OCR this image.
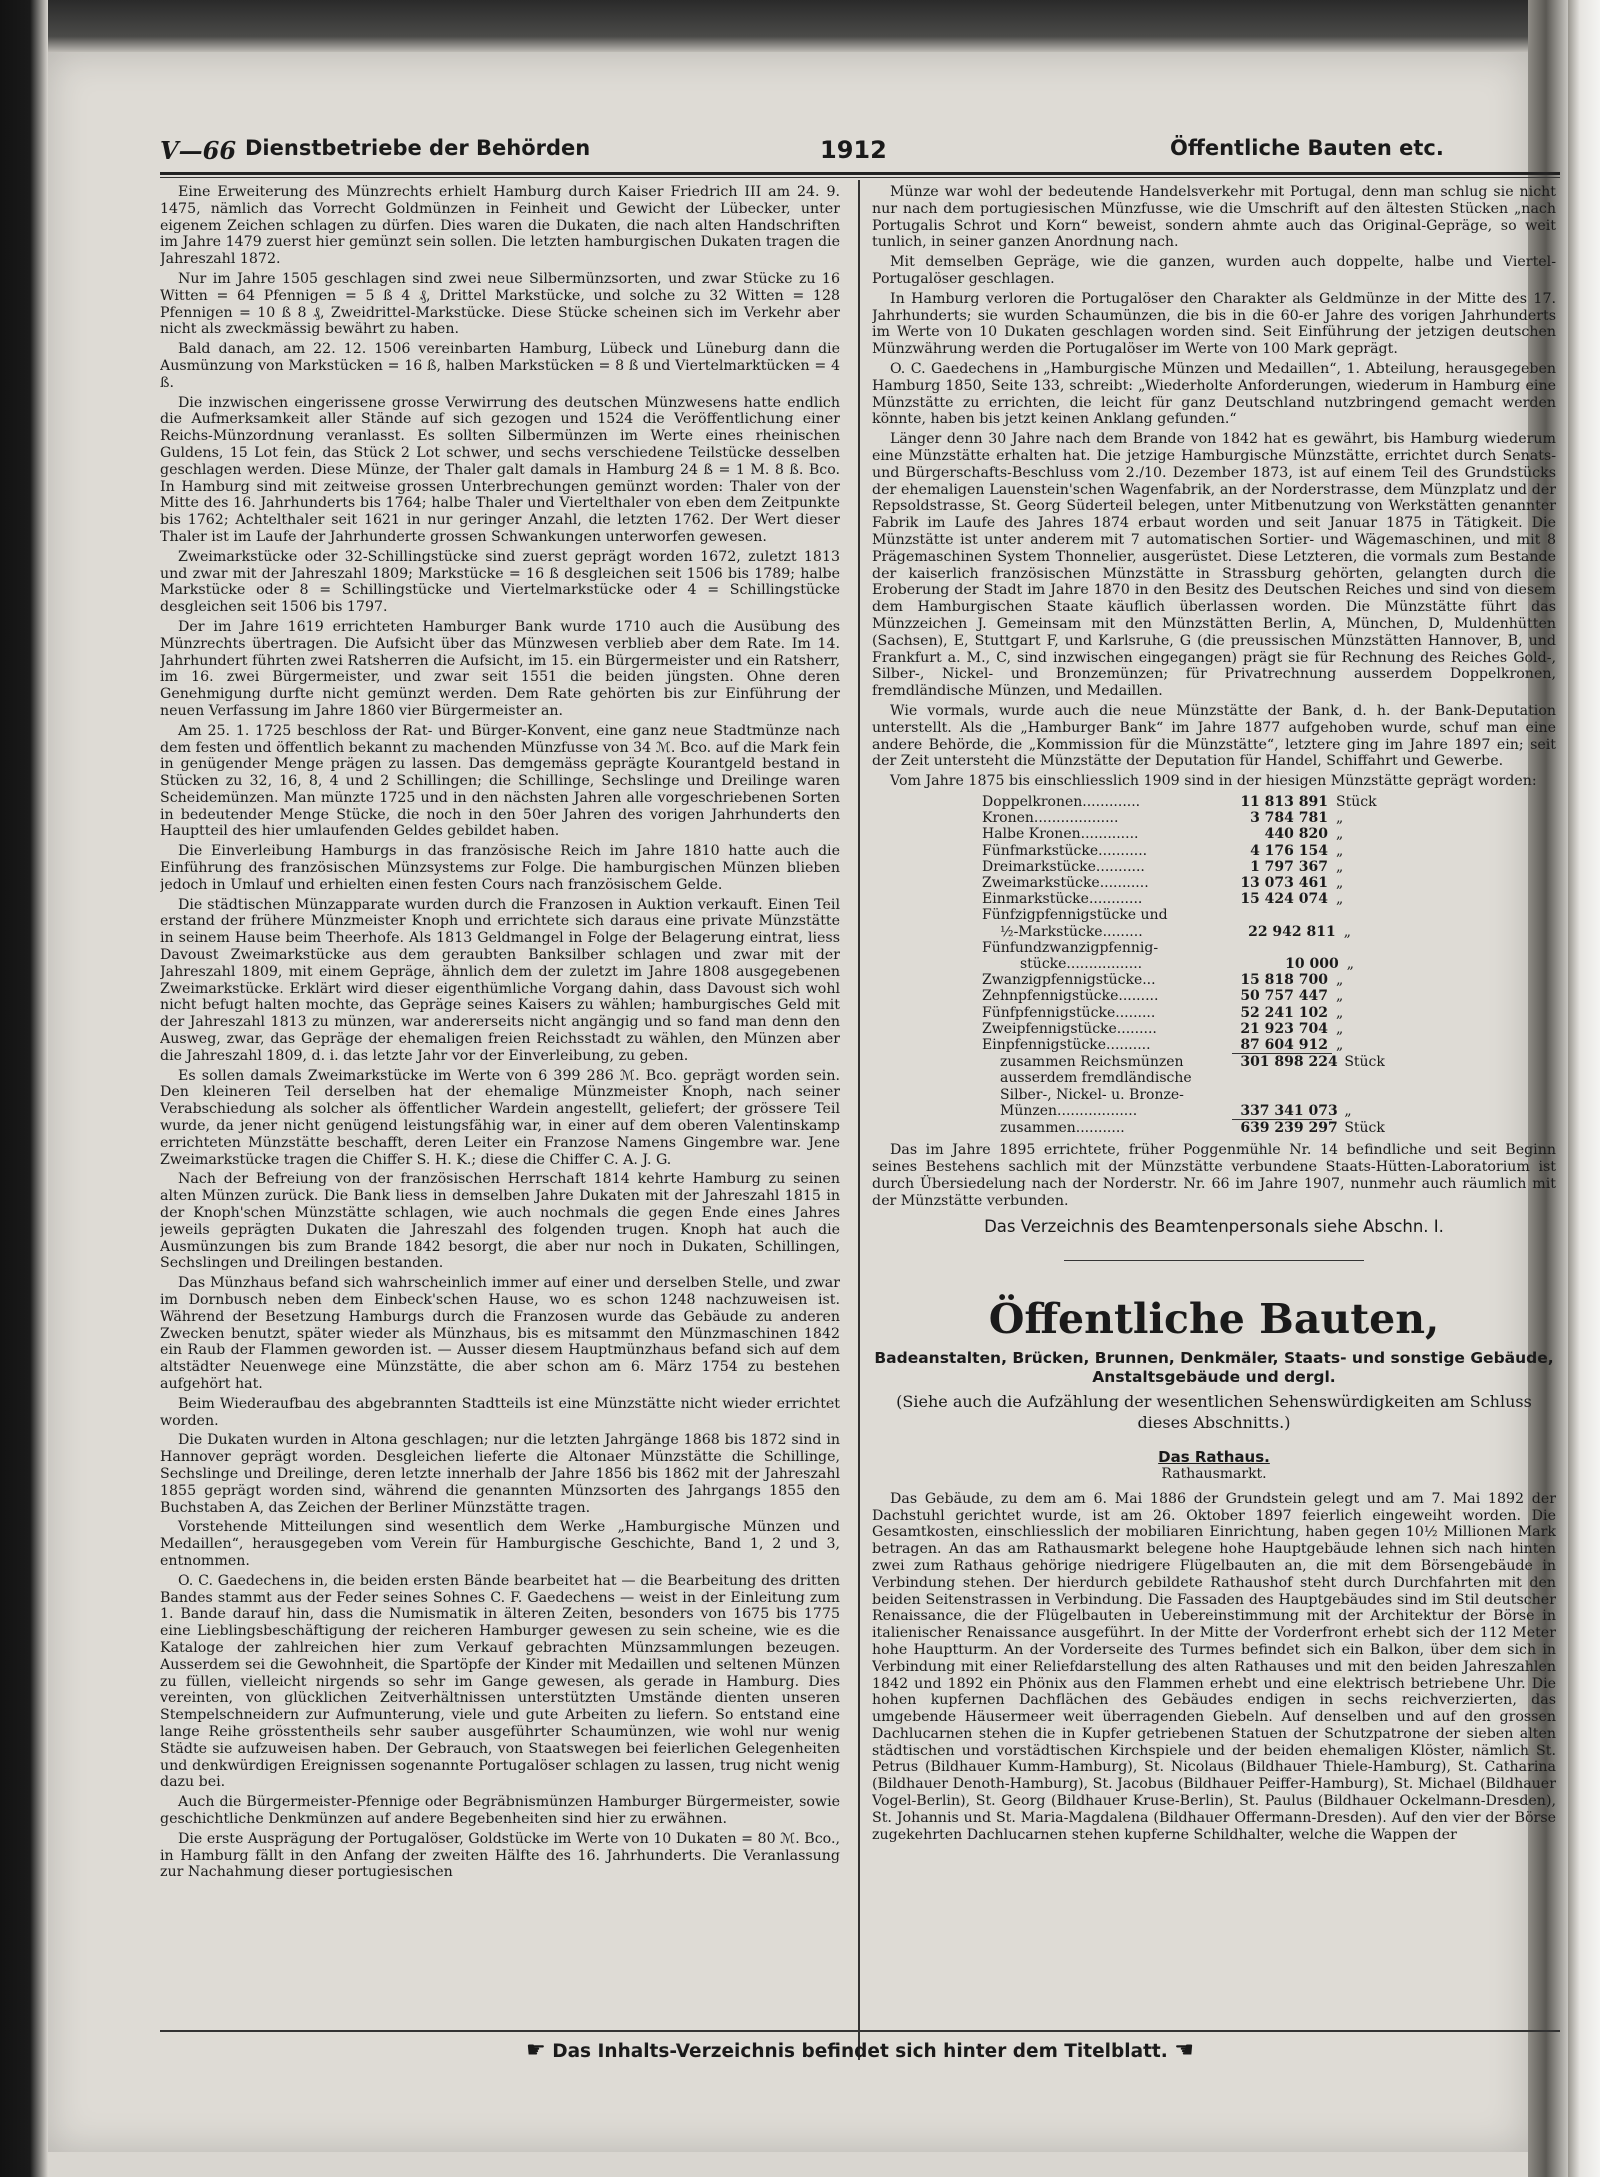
V—66 Dienstbetriebe der Behörden	1912	Öffentliche Bauten etc.

Eine Erweiterung des Münzrechts erhielt Hamburg durch Kaiser Friedrich III am 24. 9. 1475, nämlich das Vorrecht Goldmünzen in Feinheit und Gewicht der Lübecker, unter eigenem Zeichen schlagen zu dürfen. Dies waren die Dukaten, die nach alten Handschriften im Jahre 1479 zuerst hier gemünzt sein sollen. Die letzten hamburgischen Dukaten tragen die Jahreszahl 1872.

Nur im Jahre 1505 geschlagen sind zwei neue Silbermünzsorten, und zwar Stücke zu 16 Witten = 64 Pfennigen = 5 ß 4 ₰, Drittel Markstücke, und solche zu 32 Witten = 128 Pfennigen = 10 ß 8 ₰, Zweidrittel-Markstücke. Diese Stücke scheinen sich im Verkehr aber nicht als zweckmässig bewährt zu haben.

Bald danach, am 22. 12. 1506 vereinbarten Hamburg, Lübeck und Lüneburg dann die Ausmünzung von Markstücken = 16 ß, halben Markstücken = 8 ß und Viertelmarktücken = 4 ß.

Die inzwischen eingerissene grosse Verwirrung des deutschen Münzwesens hatte endlich die Aufmerksamkeit aller Stände auf sich gezogen und 1524 die Veröffentlichung einer Reichs-Münzordnung veranlasst. Es sollten Silbermünzen im Werte eines rheinischen Guldens, 15 Lot fein, das Stück 2 Lot schwer, und sechs verschiedene Teilstücke desselben geschlagen werden. Diese Münze, der Thaler galt damals in Hamburg 24 ß = 1 M. 8 ß. Bco. In Hamburg sind mit zeitweise grossen Unterbrechungen gemünzt worden: Thaler von der Mitte des 16. Jahrhunderts bis 1764; halbe Thaler und Viertelthaler von eben dem Zeitpunkte bis 1762; Achtelthaler seit 1621 in nur geringer Anzahl, die letzten 1762. Der Wert dieser Thaler ist im Laufe der Jahrhunderte grossen Schwankungen unterworfen gewesen.

Zweimarkstücke oder 32-Schillingstücke sind zuerst geprägt worden 1672, zuletzt 1813 und zwar mit der Jahreszahl 1809; Markstücke = 16 ß desgleichen seit 1506 bis 1789; halbe Markstücke oder 8 = Schillingstücke und Viertelmarkstücke oder 4 = Schillingstücke desgleichen seit 1506 bis 1797.

Der im Jahre 1619 errichteten Hamburger Bank wurde 1710 auch die Ausübung des Münzrechts übertragen. Die Aufsicht über das Münzwesen verblieb aber dem Rate. Im 14. Jahrhundert führten zwei Ratsherren die Aufsicht, im 15. ein Bürgermeister und ein Ratsherr, im 16. zwei Bürgermeister, und zwar seit 1551 die beiden jüngsten. Ohne deren Genehmigung durfte nicht gemünzt werden. Dem Rate gehörten bis zur Einführung der neuen Verfassung im Jahre 1860 vier Bürgermeister an.

Am 25. 1. 1725 beschloss der Rat- und Bürger-Konvent, eine ganz neue Stadtmünze nach dem festen und öffentlich bekannt zu machenden Münzfusse von 34 ℳ. Bco. auf die Mark fein in genügender Menge prägen zu lassen. Das demgemäss geprägte Kourantgeld bestand in Stücken zu 32, 16, 8, 4 und 2 Schillingen; die Schillinge, Sechslinge und Dreilinge waren Scheidemünzen. Man münzte 1725 und in den nächsten Jahren alle vorgeschriebenen Sorten in bedeutender Menge Stücke, die noch in den 50er Jahren des vorigen Jahrhunderts den Hauptteil des hier umlaufenden Geldes gebildet haben.

Die Einverleibung Hamburgs in das französische Reich im Jahre 1810 hatte auch die Einführung des französischen Münzsystems zur Folge. Die hamburgischen Münzen blieben jedoch in Umlauf und erhielten einen festen Cours nach französischem Gelde.

Die städtischen Münzapparate wurden durch die Franzosen in Auktion verkauft. Einen Teil erstand der frühere Münzmeister Knoph und errichtete sich daraus eine private Münzstätte in seinem Hause beim Theerhofe. Als 1813 Geldmangel in Folge der Belagerung eintrat, liess Davoust Zweimarkstücke aus dem geraubten Banksilber schlagen und zwar mit der Jahreszahl 1809, mit einem Gepräge, ähnlich dem der zuletzt im Jahre 1808 ausgegebenen Zweimarkstücke. Erklärt wird dieser eigenthümliche Vorgang dahin, dass Davoust sich wohl nicht befugt halten mochte, das Gepräge seines Kaisers zu wählen; hamburgisches Geld mit der Jahreszahl 1813 zu münzen, war andererseits nicht angängig und so fand man denn den Ausweg, zwar, das Gepräge der ehemaligen freien Reichsstadt zu wählen, den Münzen aber die Jahreszahl 1809, d. i. das letzte Jahr vor der Einverleibung, zu geben.

Es sollen damals Zweimarkstücke im Werte von 6 399 286 ℳ. Bco. geprägt worden sein. Den kleineren Teil derselben hat der ehemalige Münzmeister Knoph, nach seiner Verabschiedung als solcher als öffentlicher Wardein angestellt, geliefert; der grössere Teil wurde, da jener nicht genügend leistungsfähig war, in einer auf dem oberen Valentinskamp errichteten Münzstätte beschafft, deren Leiter ein Franzose Namens Gingembre war. Jene Zweimarkstücke tragen die Chiffer S. H. K.; diese die Chiffer C. A. J. G.

Nach der Befreiung von der französischen Herrschaft 1814 kehrte Hamburg zu seinen alten Münzen zurück. Die Bank liess in demselben Jahre Dukaten mit der Jahreszahl 1815 in der Knoph'schen Münzstätte schlagen, wie auch nochmals die gegen Ende eines Jahres jeweils geprägten Dukaten die Jahreszahl des folgenden trugen. Knoph hat auch die Ausmünzungen bis zum Brande 1842 besorgt, die aber nur noch in Dukaten, Schillingen, Sechslingen und Dreilingen bestanden.

Das Münzhaus befand sich wahrscheinlich immer auf einer und derselben Stelle, und zwar im Dornbusch neben dem Einbeck'schen Hause, wo es schon 1248 nachzuweisen ist. Während der Besetzung Hamburgs durch die Franzosen wurde das Gebäude zu anderen Zwecken benutzt, später wieder als Münzhaus, bis es mitsammt den Münzmaschinen 1842 ein Raub der Flammen geworden ist. — Ausser diesem Hauptmünzhaus befand sich auf dem altstädter Neuenwege eine Münzstätte, die aber schon am 6. März 1754 zu bestehen aufgehört hat.

Beim Wiederaufbau des abgebrannten Stadtteils ist eine Münzstätte nicht wieder errichtet worden.

Die Dukaten wurden in Altona geschlagen; nur die letzten Jahrgänge 1868 bis 1872 sind in Hannover geprägt worden. Desgleichen lieferte die Altonaer Münzstätte die Schillinge, Sechslinge und Dreilinge, deren letzte innerhalb der Jahre 1856 bis 1862 mit der Jahreszahl 1855 geprägt worden sind, während die genannten Münzsorten des Jahrgangs 1855 den Buchstaben A, das Zeichen der Berliner Münzstätte tragen.

Vorstehende Mitteilungen sind wesentlich dem Werke „Hamburgische Münzen und Medaillen“, herausgegeben vom Verein für Hamburgische Geschichte, Band 1, 2 und 3, entnommen.

O. C. Gaedechens in, die beiden ersten Bände bearbeitet hat — die Bearbeitung des dritten Bandes stammt aus der Feder seines Sohnes C. F. Gaedechens — weist in der Einleitung zum 1. Bande darauf hin, dass die Numismatik in älteren Zeiten, besonders von 1675 bis 1775 eine Lieblingsbeschäftigung der reicheren Hamburger gewesen zu sein scheine, wie es die Kataloge der zahlreichen hier zum Verkauf gebrachten Münzsammlungen bezeugen. Ausserdem sei die Gewohnheit, die Spartöpfe der Kinder mit Medaillen und seltenen Münzen zu füllen, vielleicht nirgends so sehr im Gange gewesen, als gerade in Hamburg. Dies vereinten, von glücklichen Zeitverhältnissen unterstützten Umstände dienten unseren Stempelschneidern zur Aufmunterung, viele und gute Arbeiten zu liefern. So entstand eine lange Reihe grösstentheils sehr sauber ausgeführter Schaumünzen, wie wohl nur wenig Städte sie aufzuweisen haben. Der Gebrauch, von Staatswegen bei feierlichen Gelegenheiten und denkwürdigen Ereignissen sogenannte Portugalöser schlagen zu lassen, trug nicht wenig dazu bei.

Auch die Bürgermeister-Pfennige oder Begräbnismünzen Hamburger Bürgermeister, sowie geschichtliche Denkmünzen auf andere Begebenheiten sind hier zu erwähnen.

Die erste Ausprägung der Portugalöser, Goldstücke im Werte von 10 Dukaten = 80 ℳ. Bco., in Hamburg fällt in den Anfang der zweiten Hälfte des 16. Jahrhunderts. Die Veranlassung zur Nachahmung dieser portugiesischen

Münze war wohl der bedeutende Handelsverkehr mit Portugal, denn man schlug sie nicht nur nach dem portugiesischen Münzfusse, wie die Umschrift auf den ältesten Stücken „nach Portugalis Schrot und Korn“ beweist, sondern ahmte auch das Original-Gepräge, so weit tunlich, in seiner ganzen Anordnung nach.

Mit demselben Gepräge, wie die ganzen, wurden auch doppelte, halbe und Viertel-Portugalöser geschlagen.

In Hamburg verloren die Portugalöser den Charakter als Geldmünze in der Mitte des 17. Jahrhunderts; sie wurden Schaumünzen, die bis in die 60-er Jahre des vorigen Jahrhunderts im Werte von 10 Dukaten geschlagen worden sind. Seit Einführung der jetzigen deutschen Münzwährung werden die Portugalöser im Werte von 100 Mark geprägt.

O. C. Gaedechens in „Hamburgische Münzen und Medaillen“, 1. Abteilung, herausgegeben Hamburg 1850, Seite 133, schreibt: „Wiederholte Anforderungen, wiederum in Hamburg eine Münzstätte zu errichten, die leicht für ganz Deutschland nutzbringend gemacht werden könnte, haben bis jetzt keinen Anklang gefunden.“

Länger denn 30 Jahre nach dem Brande von 1842 hat es gewährt, bis Hamburg wiederum eine Münzstätte erhalten hat. Die jetzige Hamburgische Münzstätte, errichtet durch Senats- und Bürgerschafts-Beschluss vom 2./10. Dezember 1873, ist auf einem Teil des Grundstücks der ehemaligen Lauenstein'schen Wagenfabrik, an der Norderstrasse, dem Münzplatz und der Repsoldstrasse, St. Georg Süderteil belegen, unter Mitbenutzung von Werkstätten genannter Fabrik im Laufe des Jahres 1874 erbaut worden und seit Januar 1875 in Tätigkeit. Die Münzstätte ist unter anderem mit 7 automatischen Sortier- und Wägemaschinen, und mit 8 Prägemaschinen System Thonnelier, ausgerüstet. Diese Letzteren, die vormals zum Bestande der kaiserlich französischen Münzstätte in Strassburg gehörten, gelangten durch die Eroberung der Stadt im Jahre 1870 in den Besitz des Deutschen Reiches und sind von diesem dem Hamburgischen Staate käuflich überlassen worden. Die Münzstätte führt das Münzzeichen J. Gemeinsam mit den Münzstätten Berlin, A, München, D, Muldenhütten (Sachsen), E, Stuttgart F, und Karlsruhe, G (die preussischen Münzstätten Hannover, B, und Frankfurt a. M., C, sind inzwischen eingegangen) prägt sie für Rechnung des Reiches Gold-, Silber-, Nickel- und Bronzemünzen; für Privatrechnung ausserdem Doppelkronen, fremdländische Münzen, und Medaillen.

Wie vormals, wurde auch die neue Münzstätte der Bank, d. h. der Bank-Deputation unterstellt. Als die „Hamburger Bank“ im Jahre 1877 aufgehoben wurde, schuf man eine andere Behörde, die „Kommission für die Münzstätte“, letztere ging im Jahre 1897 ein; seit der Zeit untersteht die Münzstätte der Deputation für Handel, Schiffahrt und Gewerbe.

Vom Jahre 1875 bis einschliesslich 1909 sind in der hiesigen Münzstätte geprägt worden:

Doppelkronen.............	11 813 891 Stück
Kronen...................	3 784 781 „
Halbe Kronen.............	440 820 „
Fünfmarkstücke...........	4 176 154 „
Dreimarkstücke...........	1 797 367 „
Zweimarkstücke...........	13 073 461 „
Einmarkstücke............	15 424 074 „
Fünfzigpfennigstücke und
½-Markstücke.........	22 942 811 „
Fünfundzwanzigpfennig-
stücke.................	10 000 „
Zwanzigpfennigstücke...	15 818 700 „
Zehnpfennigstücke.........	50 757 447 „
Fünfpfennigstücke.........	52 241 102 „
Zweipfennigstücke.........	21 923 704 „
Einpfennigstücke..........	87 604 912 „
zusammen Reichsmünzen	301 898 224 Stück
ausserdem fremdländische
Silber-, Nickel- u. Bronze-
Münzen..................	337 341 073 „
zusammen...........	639 239 297 Stück

Das im Jahre 1895 errichtete, früher Poggenmühle Nr. 14 befindliche und seit Beginn seines Bestehens sachlich mit der Münzstätte verbundene Staats-Hütten-Laboratorium ist durch Übersiedelung nach der Norderstr. Nr. 66 im Jahre 1907, nunmehr auch räumlich mit der Münzstätte verbunden.

Das Verzeichnis des Beamtenpersonals siehe Abschn. I.

Öffentliche Bauten,
Badeanstalten, Brücken, Brunnen, Denkmäler, Staats- und sonstige Gebäude, Anstaltsgebäude und dergl.
(Siehe auch die Aufzählung der wesentlichen Sehenswürdigkeiten am Schluss dieses Abschnitts.)
Das Rathaus.
Rathausmarkt.

Das Gebäude, zu dem am 6. Mai 1886 der Grundstein gelegt und am 7. Mai 1892 der Dachstuhl gerichtet wurde, ist am 26. Oktober 1897 feierlich eingeweiht worden. Die Gesamtkosten, einschliesslich der mobiliaren Einrichtung, haben gegen 10½ Millionen Mark betragen. An das am Rathausmarkt belegene hohe Hauptgebäude lehnen sich nach hinten zwei zum Rathaus gehörige niedrigere Flügelbauten an, die mit dem Börsengebäude in Verbindung stehen. Der hierdurch gebildete Rathaushof steht durch Durchfahrten mit den beiden Seitenstrassen in Verbindung. Die Fassaden des Hauptgebäudes sind im Stil deutscher Renaissance, die der Flügelbauten in Uebereinstimmung mit der Architektur der Börse in italienischer Renaissance ausgeführt. In der Mitte der Vorderfront erhebt sich der 112 Meter hohe Hauptturm. An der Vorderseite des Turmes befindet sich ein Balkon, über dem sich in Verbindung mit einer Reliefdarstellung des alten Rathauses und mit den beiden Jahreszahlen 1842 und 1892 ein Phönix aus den Flammen erhebt und eine elektrisch betriebene Uhr. Die hohen kupfernen Dachflächen des Gebäudes endigen in sechs reichverzierten, das umgebende Häusermeer weit überragenden Giebeln. Auf denselben und auf den grossen Dachlucarnen stehen die in Kupfer getriebenen Statuen der Schutzpatrone der sieben alten städtischen und vorstädtischen Kirchspiele und der beiden ehemaligen Klöster, nämlich St. Petrus (Bildhauer Kumm-Hamburg), St. Nicolaus (Bildhauer Thiele-Hamburg), St. Catharina (Bildhauer Denoth-Hamburg), St. Jacobus (Bildhauer Peiffer-Hamburg), St. Michael (Bildhauer Vogel-Berlin), St. Georg (Bildhauer Kruse-Berlin), St. Paulus (Bildhauer Ockelmann-Dresden), St. Johannis und St. Maria-Magdalena (Bildhauer Offermann-Dresden). Auf den vier der Börse zugekehrten Dachlucarnen stehen kupferne Schildhalter, welche die Wappen der

☛ Das Inhalts-Verzeichnis befindet sich hinter dem Titelblatt. ☚
